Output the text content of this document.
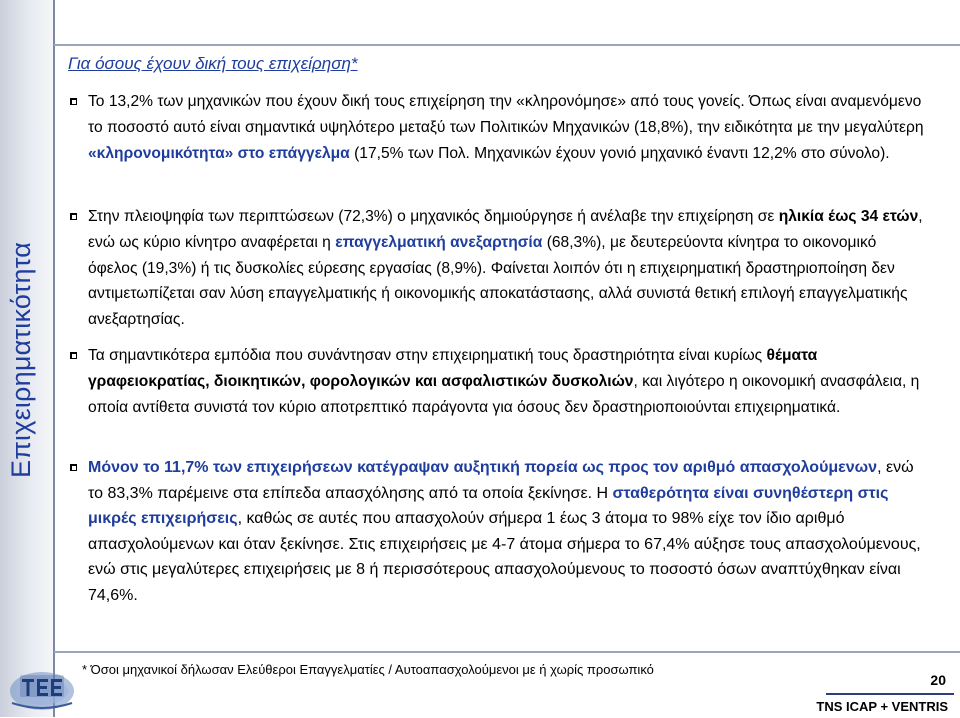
Επιχειρηματικότητα
Για όσους έχουν δική τους επιχείρηση*
Το 13,2% των μηχανικών που έχουν δική τους επιχείρηση την «κληρονόμησε» από τους γονείς. Όπως είναι αναμενόμενο το ποσοστό αυτό είναι σημαντικά υψηλότερο μεταξύ των Πολιτικών Μηχανικών (18,8%), την ειδικότητα με την μεγαλύτερη «κληρονομικότητα» στο επάγγελμα (17,5% των Πολ. Μηχανικών έχουν γονιό μηχανικό έναντι 12,2% στο σύνολο).
Στην πλειοψηφία των περιπτώσεων (72,3%) ο μηχανικός δημιούργησε ή ανέλαβε την επιχείρηση σε ηλικία έως 34 ετών, ενώ ως κύριο κίνητρο αναφέρεται η επαγγελματική ανεξαρτησία (68,3%), με δευτερεύοντα κίνητρα το οικονομικό όφελος (19,3%) ή τις δυσκολίες εύρεσης εργασίας (8,9%). Φαίνεται λοιπόν ότι η επιχειρηματική δραστηριοποίηση δεν αντιμετωπίζεται σαν λύση επαγγελματικής ή οικονομικής αποκατάστασης, αλλά συνιστά θετική επιλογή επαγγελματικής ανεξαρτησίας.
Τα σημαντικότερα εμπόδια που συνάντησαν στην επιχειρηματική τους δραστηριότητα είναι κυρίως θέματα γραφειοκρατίας, διοικητικών, φορολογικών και ασφαλιστικών δυσκολιών, και λιγότερο η οικονομική ανασφάλεια, η οποία αντίθετα συνιστά τον κύριο αποτρεπτικό παράγοντα για όσους δεν δραστηριοποιούνται επιχειρηματικά.
Μόνον το 11,7% των επιχειρήσεων κατέγραψαν αυξητική πορεία ως προς τον αριθμό απασχολούμενων, ενώ το 83,3% παρέμεινε στα επίπεδα απασχόλησης από τα οποία ξεκίνησε. Η σταθερότητα είναι συνηθέστερη στις μικρές επιχειρήσεις, καθώς σε αυτές που απασχολούν σήμερα 1 έως 3 άτομα το 98% είχε τον ίδιο αριθμό απασχολούμενων και όταν ξεκίνησε. Στις επιχειρήσεις με 4-7 άτομα σήμερα το 67,4% αύξησε τους απασχολούμενους, ενώ στις μεγαλύτερες επιχειρήσεις με 8 ή περισσότερους απασχολούμενους το ποσοστό όσων αναπτύχθηκαν είναι 74,6%.
* Όσοι μηχανικοί δήλωσαν Ελεύθεροι Επαγγελματίες / Αυτοαπασχολούμενοι με ή χωρίς προσωπικό
20
TNS ICAP + VENTRIS
